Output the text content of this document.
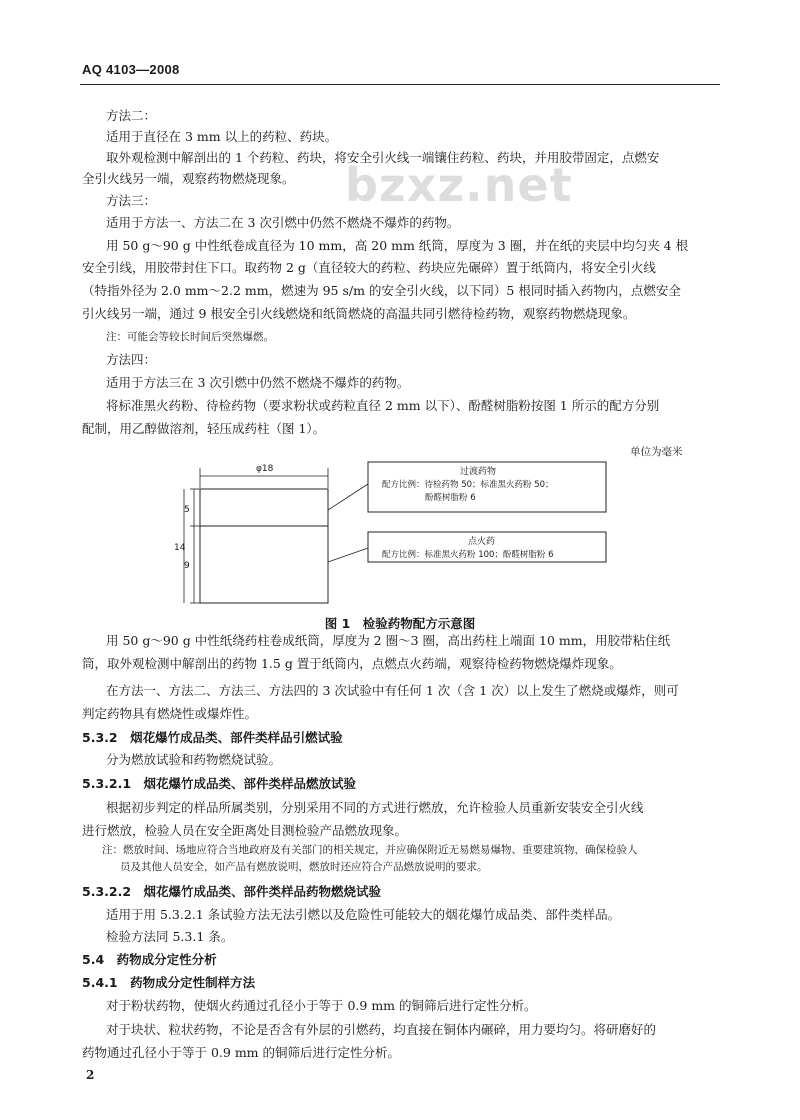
AQ 4103—2008
bzxz.net
方法二：
适用于直径在 3 mm 以上的药粒、药块。
取外观检测中解剖出的 1 个药粒、药块，将安全引火线一端镶住药粒、药块，并用胶带固定，点燃安
全引火线另一端，观察药物燃烧现象。
方法三：
适用于方法一、方法二在 3 次引燃中仍然不燃烧不爆炸的药物。
用 50 g～90 g 中性纸卷成直径为 10 mm，高 20 mm 纸筒，厚度为 3 圈，并在纸的夹层中均匀夹 4 根
安全引线，用胶带封住下口。取药物 2 g（直径较大的药粒、药块应先碾碎）置于纸筒内，将安全引火线
（特指外径为 2.0 mm～2.2 mm，燃速为 95 s/m 的安全引火线，以下同）5 根同时插入药物内，点燃安全
引火线另一端，通过 9 根安全引火线燃烧和纸筒燃烧的高温共同引燃待检药物，观察药物燃烧现象。
注：可能会等较长时间后突然爆燃。
方法四：
适用于方法三在 3 次引燃中仍然不燃烧不爆炸的药物。
将标准黑火药粉、待检药物（要求粉状或药粒直径 2 mm 以下）、酚醛树脂粉按图 1 所示的配方分别
配制，用乙醇做溶剂，轻压成药柱（图 1）。
单位为毫米
φ18
14
5
9
过渡药物
配方比例：待检药物 50；标准黑火药粉 50；
酚醛树脂粉 6
点火药
配方比例：标准黑火药粉 100；酚醛树脂粉 6
图 1　检验药物配方示意图
用 50 g～90 g 中性纸绕药柱卷成纸筒，厚度为 2 圈～3 圈，高出药柱上端面 10 mm，用胶带粘住纸
筒，取外观检测中解剖出的药物 1.5 g 置于纸筒内，点燃点火药端，观察待检药物燃烧爆炸现象。
在方法一、方法二、方法三、方法四的 3 次试验中有任何 1 次（含 1 次）以上发生了燃烧或爆炸，则可
判定药物具有燃烧性或爆炸性。
5.3.2　烟花爆竹成品类、部件类样品引燃试验
分为燃放试验和药物燃烧试验。
5.3.2.1　烟花爆竹成品类、部件类样品燃放试验
根据初步判定的样品所属类别，分别采用不同的方式进行燃放，允许检验人员重新安装安全引火线
进行燃放，检验人员在安全距离处目测检验产品燃放现象。
注：燃放时间、场地应符合当地政府及有关部门的相关规定，并应确保附近无易燃易爆物、重要建筑物，确保检验人
员及其他人员安全，如产品有燃放说明，燃放时还应符合产品燃放说明的要求。
5.3.2.2　烟花爆竹成品类、部件类样品药物燃烧试验
适用于用 5.3.2.1 条试验方法无法引燃以及危险性可能较大的烟花爆竹成品类、部件类样品。
检验方法同 5.3.1 条。
5.4　药物成分定性分析
5.4.1　药物成分定性制样方法
对于粉状药物，使烟火药通过孔径小于等于 0.9 mm 的铜筛后进行定性分析。
对于块状、粒状药物，不论是否含有外层的引燃药，均直接在铜体内碾碎，用力要均匀。将研磨好的
药物通过孔径小于等于 0.9 mm 的铜筛后进行定性分析。
2
